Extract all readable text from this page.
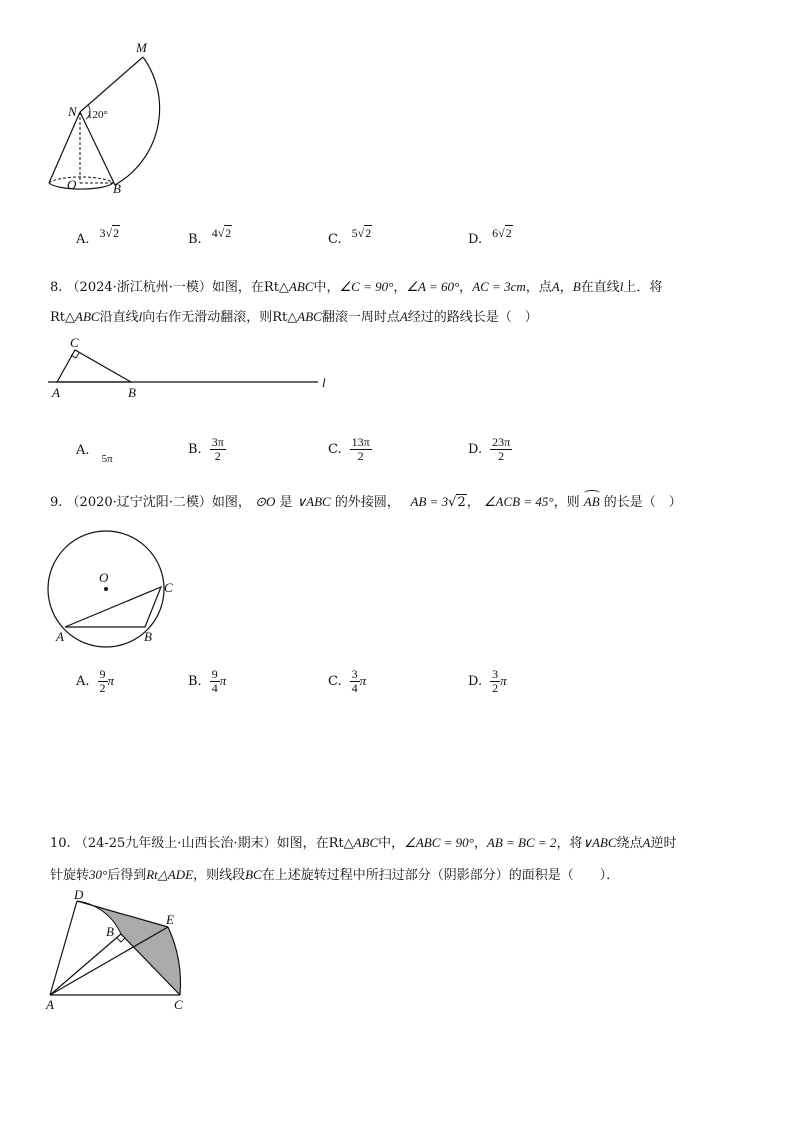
M
N 120°
O	B
A. 3√2	B. 4√2	C. 5√2	D. 6√2
8. （2024·浙江杭州·一模）如图，在Rt△ABC中，∠C = 90°，∠A = 60°，AC = 3cm，点A，B在直线l上．将
Rt△ABC沿直线l向右作无滑动翻滚，则Rt△ABC翻滚一周时点A经过的路线长是（　）
C
A	B
l
A. $_{5\pi}$
B. $\frac{3\pi}{2}$	C. $\frac{13\pi}{2}$	D. $\frac{23\pi}{2}$
9. （2020·辽宁沈阳·二模）如图， ⊙O 是 ∨ABC 的外接圆，　 AB = 3√2， ∠ACB = 45°，则 AB 的长是（　）
O
A	B
C
A. $\frac{9}{2}$ π	B. $\frac{9}{4}$ π	C. $\frac{3}{4}$ π	D. $\frac{3}{2}$ π
10. （24-25九年级上·山西长治·期末）如图，在Rt△ABC中，∠ABC = 90°，AB = BC = 2，将∨ABC绕点A逆时
针旋转30°后得到Rt△ADE，则线段BC在上述旋转过程中所扫过部分（阴影部分）的面积是（　　）．
D
B
E
A	C
